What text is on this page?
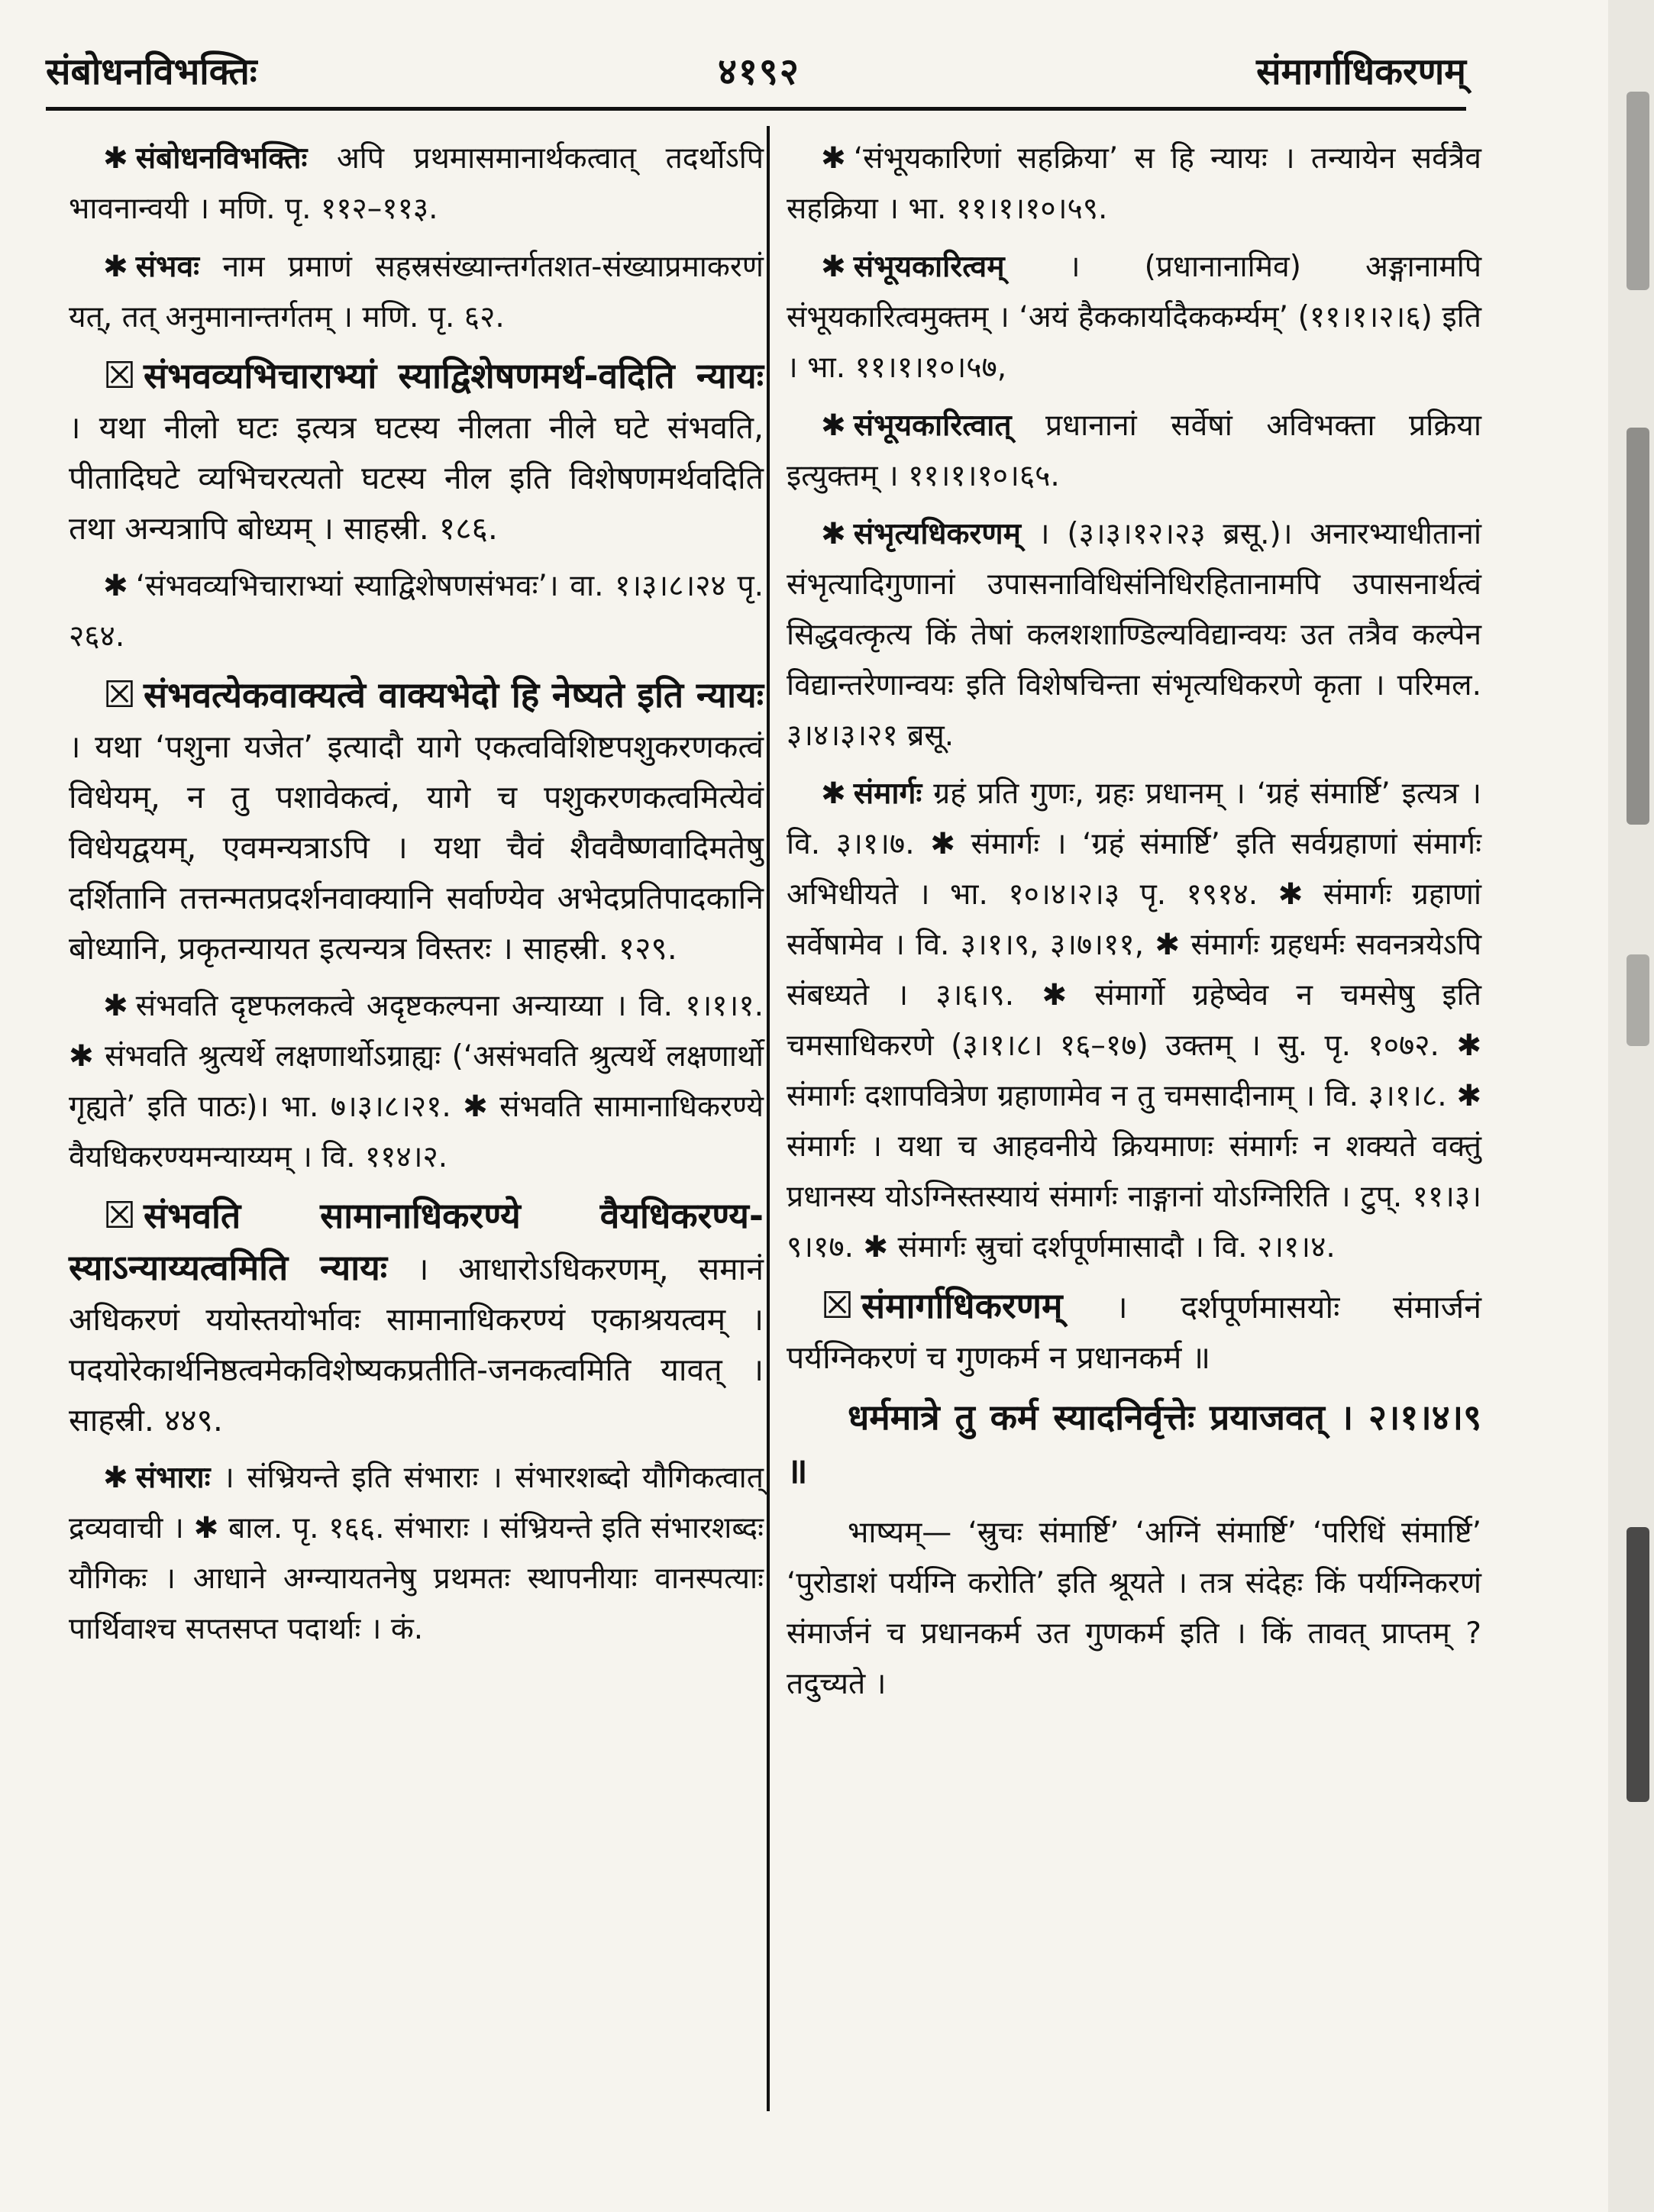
संबोधनविभक्तिः	४१९२	संमार्गाधिकरणम्

✱ संबोधनविभक्तिः अपि प्रथमासमानार्थकत्वात् तदर्थोऽपि भावनान्वयी । मणि. पृ. ११२–११३.

✱ संभवः नाम प्रमाणं सहस्रसंख्यान्तर्गतशत-संख्याप्रमाकरणं यत्, तत् अनुमानान्तर्गतम् । मणि. पृ. ६२.

☒ संभवव्यभिचाराभ्यां स्याद्विशेषणमर्थ-वदिति न्यायः । यथा नीलो घटः इत्यत्र घटस्य नीलता नीले घटे संभवति, पीतादिघटे व्यभिचरत्यतो घटस्य नील इति विशेषणमर्थवदिति तथा अन्यत्रापि बोध्यम् । साहस्री. १८६.

✱ ‘संभवव्यभिचाराभ्यां स्याद्विशेषणसंभवः’। वा. १।३।८।२४ पृ. २६४.

☒ संभवत्येकवाक्यत्वे वाक्यभेदो हि नेष्यते इति न्यायः । यथा ‘पशुना यजेत’ इत्यादौ यागे एकत्वविशिष्टपशुकरणकत्वं विधेयम्, न तु पशावेकत्वं, यागे च पशुकरणकत्वमित्येवं विधेयद्वयम्, एवमन्यत्राऽपि । यथा चैवं शैववैष्णवादिमतेषु दर्शितानि तत्तन्मतप्रदर्शनवाक्यानि सर्वाण्येव अभेदप्रतिपादकानि बोध्यानि, प्रकृतन्यायत इत्यन्यत्र विस्तरः । साहस्री. १२९.

✱ संभवति दृष्टफलकत्वे अदृष्टकल्पना अन्याय्या । वि. १।१।१. ✱ संभवति श्रुत्यर्थे लक्षणार्थोऽग्राह्यः (‘असंभवति श्रुत्यर्थे लक्षणार्थो गृह्यते’ इति पाठः)। भा. ७।३।८।२१. ✱ संभवति सामानाधिकरण्ये वैयधिकरण्यमन्याय्यम् । वि. ११४।२.

☒ संभवति सामानाधिकरण्ये वैयधिकरण्य-स्याऽन्याय्यत्वमिति न्यायः । आधारोऽधिकरणम्, समानं अधिकरणं ययोस्तयोर्भावः सामानाधिकरण्यं एकाश्रयत्वम् । पदयोरेकार्थनिष्ठत्वमेकविशेष्यकप्रतीति-जनकत्वमिति यावत् । साहस्री. ४४९.

✱ संभाराः । संभ्रियन्ते इति संभाराः । संभारशब्दो यौगिकत्वात् द्रव्यवाची । ✱ बाल. पृ. १६६. संभाराः । संभ्रियन्ते इति संभारशब्दः यौगिकः । आधाने अग्न्यायतनेषु प्रथमतः स्थापनीयाः वानस्पत्याः पार्थिवाश्च सप्तसप्त पदार्थाः । कं.

✱ ‘संभूयकारिणां सहक्रिया’ स हि न्यायः । तन्यायेन सर्वत्रैव सहक्रिया । भा. ११।१।१०।५९.

✱ संभूयकारित्वम् । (प्रधानानामिव) अङ्गानामपि संभूयकारित्वमुक्तम् । ‘अयं हैककार्यादैककर्म्यम्’ (११।१।२।६) इति । भा. ११।१।१०।५७,

✱ संभूयकारित्वात् प्रधानानां सर्वेषां अविभक्ता प्रक्रिया इत्युक्तम् । ११।१।१०।६५.

✱ संभृत्यधिकरणम् । (३।३।१२।२३ ब्रसू.)। अनारभ्याधीतानां संभृत्यादिगुणानां उपासनाविधिसंनिधिरहितानामपि उपासनार्थत्वं सिद्धवत्कृत्य किं तेषां कलशशाण्डिल्यविद्यान्वयः उत तत्रैव कल्पेन विद्यान्तरेणान्वयः इति विशेषचिन्ता संभृत्यधिकरणे कृता । परिमल. ३।४।३।२१ ब्रसू.

✱ संमार्गः ग्रहं प्रति गुणः, ग्रहः प्रधानम् । ‘ग्रहं संमार्ष्टि’ इत्यत्र । वि. ३।१।७. ✱ संमार्गः । ‘ग्रहं संमार्ष्टि’ इति सर्वग्रहाणां संमार्गः अभिधीयते । भा. १०।४।२।३ पृ. १९१४. ✱ संमार्गः ग्रहाणां सर्वेषामेव । वि. ३।१।९, ३।७।११, ✱ संमार्गः ग्रहधर्मः सवनत्रयेऽपि संबध्यते । ३।६।९. ✱ संमार्गो ग्रहेष्वेव न चमसेषु इति चमसाधिकरणे (३।१।८। १६–१७) उक्तम् । सु. पृ. १०७२. ✱ संमार्गः दशापवित्रेण ग्रहाणामेव न तु चमसादीनाम् । वि. ३।१।८. ✱ संमार्गः । यथा च आहवनीये क्रियमाणः संमार्गः न शक्यते वक्तुं प्रधानस्य योऽग्निस्तस्यायं संमार्गः नाङ्गानां योऽग्निरिति । टुप्. ११।३।९।१७. ✱ संमार्गः स्रुचां दर्शपूर्णमासादौ । वि. २।१।४.

☒ संमार्गाधिकरणम् । दर्शपूर्णमासयोः संमार्जनं पर्यग्निकरणं च गुणकर्म न प्रधानकर्म ॥

धर्ममात्रे तु कर्म स्यादनिर्वृत्तेः प्रयाजवत् । २।१।४।९ ॥

भाष्यम्— ‘स्रुचः संमार्ष्टि’ ‘अग्निं संमार्ष्टि’ ‘परिधिं संमार्ष्टि’ ‘पुरोडाशं पर्यग्नि करोति’ इति श्रूयते । तत्र संदेहः किं पर्यग्निकरणं संमार्जनं च प्रधानकर्म उत गुणकर्म इति । किं तावत् प्राप्तम् ? तदुच्यते ।
